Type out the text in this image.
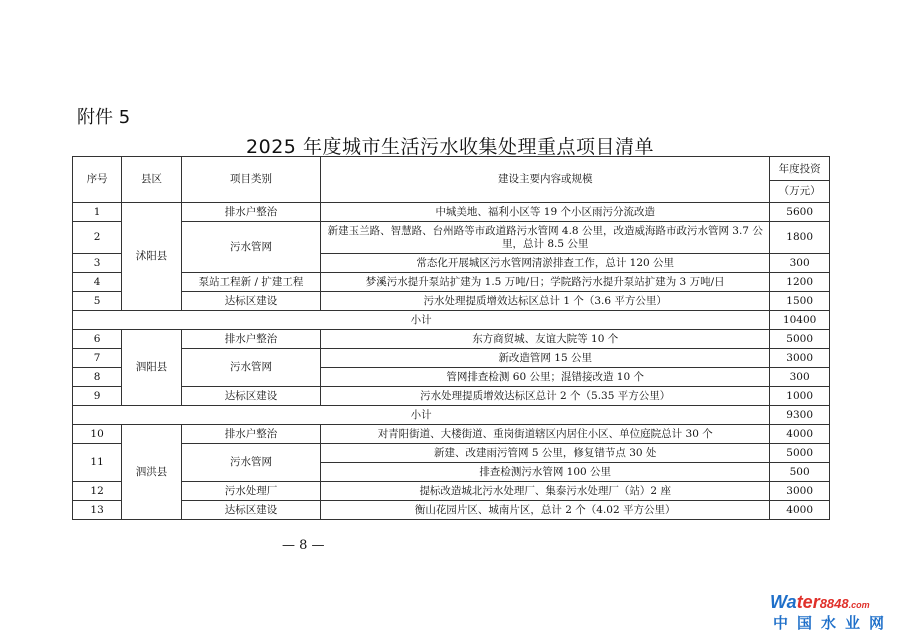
附件 5
2025 年度城市生活污水收集处理重点项目清单
序号	县区	项目类别	建设主要内容或规模	年度投资
（万元）

1	沭阳县	排水户整治	中城美地、福利小区等 19 个小区雨污分流改造	5600
2		污水管网	新建玉兰路、智慧路、台州路等市政道路污水管网 4.8 公里，改造威海路市政污水管网 3.7 公里，总计 8.5 公里	1800
3			常态化开展城区污水管网清淤排查工作，总计 120 公里	300
4		泵站工程新 / 扩建工程	梦溪污水提升泵站扩建为 1.5 万吨/日；学院路污水提升泵站扩建为 3 万吨/日	1200
5		达标区建设	污水处理提质增效达标区总计 1 个（3.6 平方公里）	1500
小计				10400
6	泗阳县	排水户整治	东方商贸城、友谊大院等 10 个	5000
7		污水管网	新改造管网 15 公里	3000
8			管网排查检测 60 公里；混错接改造 10 个	300
9		达标区建设	污水处理提质增效达标区总计 2 个（5.35 平方公里）	1000
小计				9300
10	泗洪县	排水户整治	对青阳街道、大楼街道、重岗街道辖区内居住小区、单位庭院总计 30 个	4000
11		污水管网	新建、改建雨污管网 5 公里，修复错节点 30 处	5000
			排查检测污水管网 100 公里	500
12		污水处理厂	提标改造城北污水处理厂、集泰污水处理厂（站）2 座	3000
13		达标区建设	衡山花园片区、城南片区，总计 2 个（4.02 平方公里）	4000
— 8 —
Water8848.com
中国水业网
